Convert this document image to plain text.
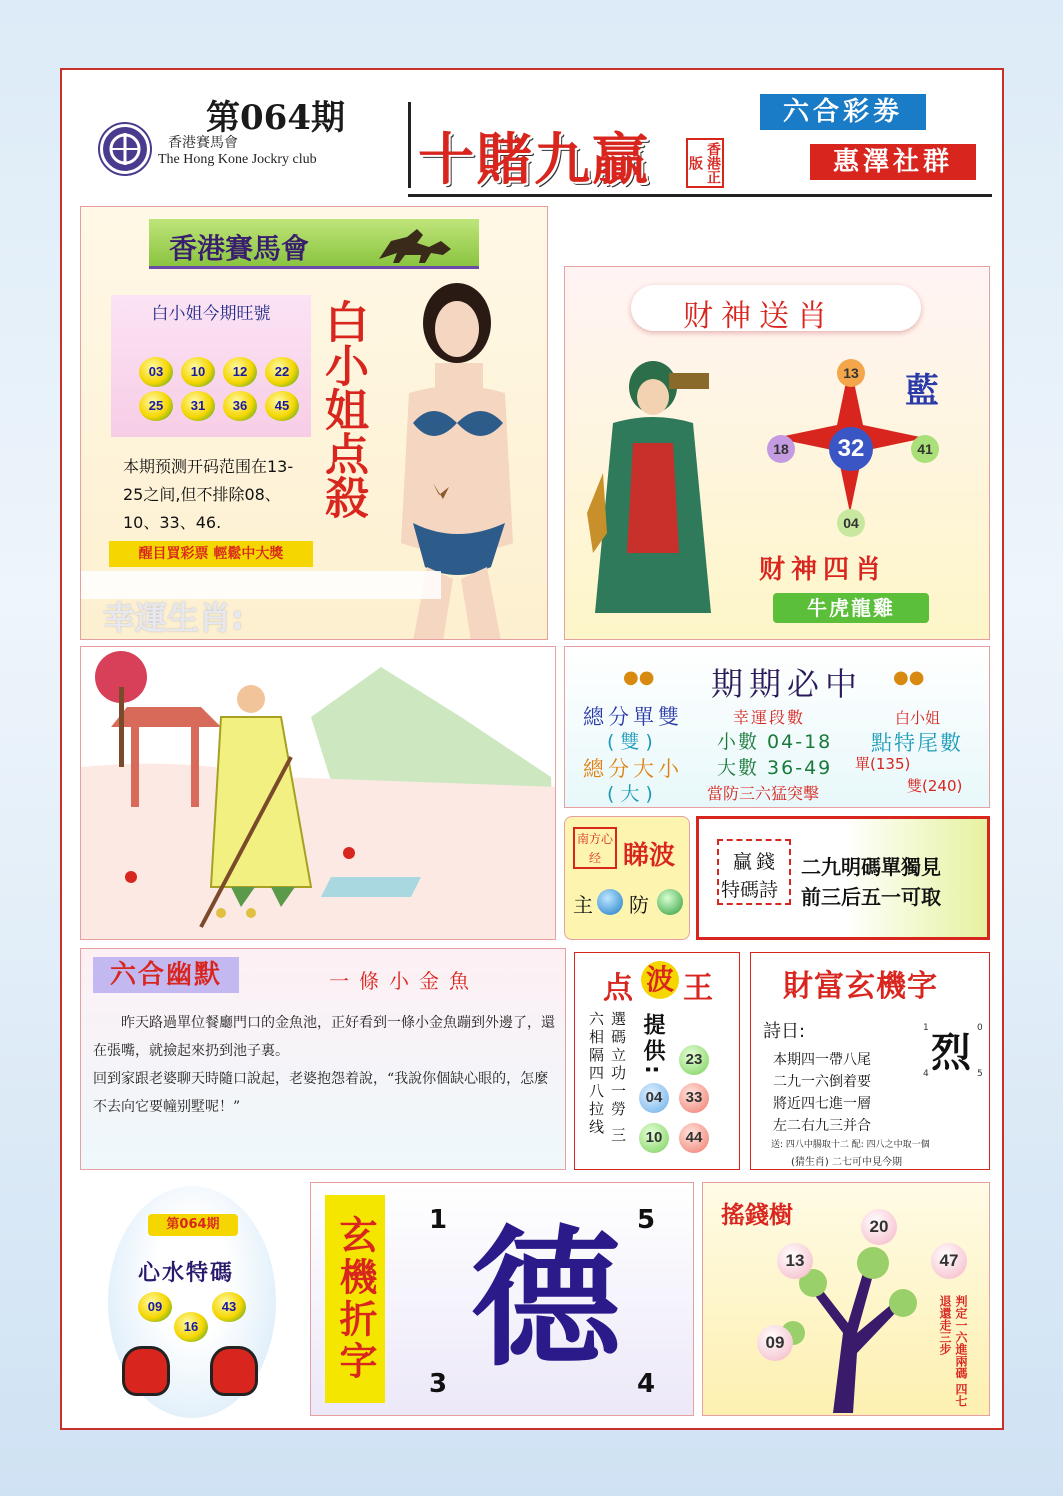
第064期
香港賽馬會
The Hong Kone Jockry club 十賭九贏	香港正版
六合彩劵
惠澤社群
香港賽馬會
白小姐今期旺號
03	10	12	22
25	31	36	45
本期预测开码范围在13-25之间,但不排除08、10、33、46.
醒目買彩票 輕鬆中大獎
白小姐点殺
幸運生肖:
财神送肖
32
13
18	41
04
藍
财神四肖
牛虎龍雞
●●	●●
期期必中
總分單雙
(雙)
總分大小
(大)
幸運段數
小數 04-18
大數 36-49
當防三六猛突擊
白小姐
點特尾數
單(135)
雙(240)
南方心经 睇波
主 防
贏錢
特碼詩
二九明碼單獨見
前三后五一可取
六合幽默	一條小金魚
昨天路過單位餐廳門口的金魚池，正好看到一條小金魚蹦到外邊了，還在張嘴，就撿起來扔到池子裏。
回到家跟老婆聊天時隨口說起，老婆抱怨着說，“我說你個缺心眼的，怎麼不去向它要幢别墅呢！”
点 波 王
選碼立功一勞 三六相隔四八拉线	提供:	23
04	33
10	44
財富玄機字
詩日:	烈
1	0
4	5
本期四一帶八尾
二九一六倒着要
將近四七進一層
左二右九三并合
送: 四八中腸取十二 配: 四八之中取一個
(猜生肖) 二七可中見今期
第064期
心水特碼
09
16
43	玄機折字 德
1	5
3	4
搖錢樹	20
13	47
09	判定一六進兩碼 四七退還走三步
